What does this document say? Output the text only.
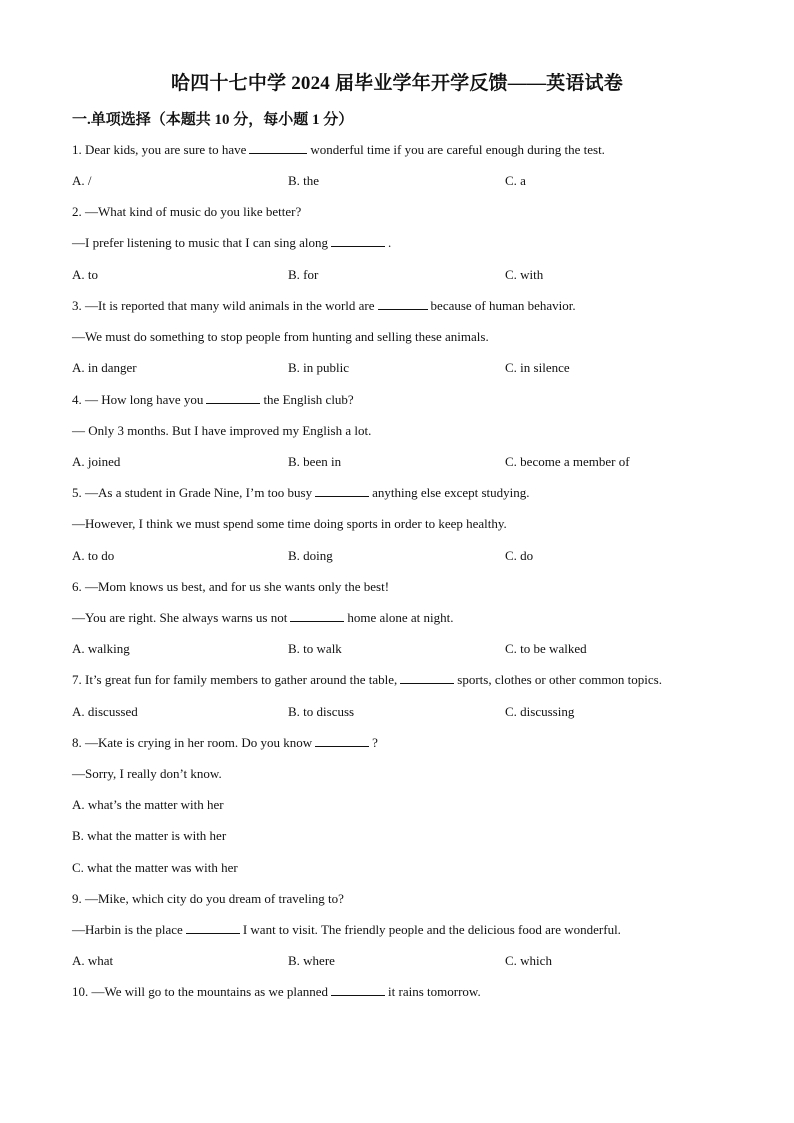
哈四十七中学 2024 届毕业学年开学反馈——英语试卷
一.单项选择（本题共 10 分，每小题 1 分）
1. Dear kids, you are sure to have	wonderful time if you are careful enough during the test.
A. /	B. the	C. a
2. —What kind of music do you like better?
—I prefer listening to music that I can sing along	.
A. to	B. for	C. with
3. —It is reported that many wild animals in the world are	because of human behavior.
—We must do something to stop people from hunting and selling these animals.
A. in danger	B. in public	C. in silence
4. — How long have you	the English club?
— Only 3 months. But I have improved my English a lot.
A. joined	B. been in	C. become a member of
5. —As a student in Grade Nine, I’m too busy	anything else except studying.
—However, I think we must spend some time doing sports in order to keep healthy.
A. to do	B. doing	C. do
6. —Mom knows us best, and for us she wants only the best!
—You are right. She always warns us not	home alone at night.
A. walking	B. to walk	C. to be walked
7. It’s great fun for family members to gather around the table,	sports, clothes or other common topics.
A. discussed	B. to discuss	C. discussing
8. —Kate is crying in her room. Do you know	?
—Sorry, I really don’t know.
A. what’s the matter with her
B. what the matter is with her
C. what the matter was with her
9. —Mike, which city do you dream of traveling to?
—Harbin is the place	I want to visit. The friendly people and the delicious food are wonderful.
A. what	B. where	C. which
10. —We will go to the mountains as we planned	it rains tomorrow.
